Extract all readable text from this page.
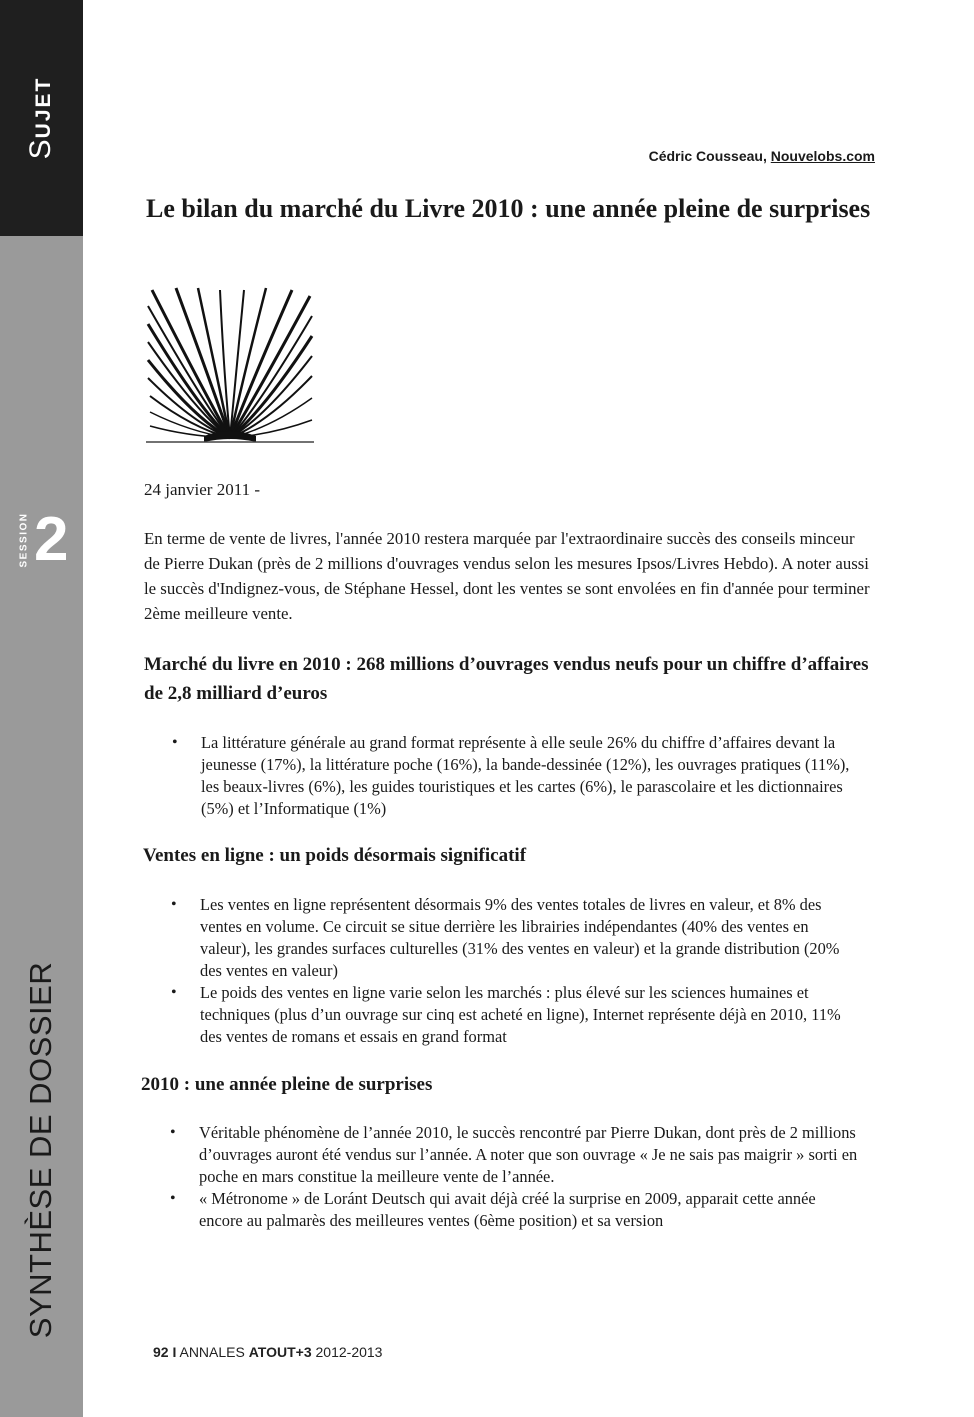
SUJET
SESSION 2
SYNTHÈSE DE DOSSIER
Cédric Cousseau, Nouvelobs.com
Le bilan du marché du Livre 2010 : une année pleine de surprises
24 janvier 2011 -

En terme de vente de livres, l'année 2010 restera marquée par l'extraordinaire succès des conseils minceur de Pierre Dukan (près de 2 millions d'ouvrages vendus selon les mesures Ipsos/Livres Hebdo). A noter aussi le succès d'Indignez-vous, de Stéphane Hessel, dont les ventes se sont envolées en fin d'année pour terminer 2ème meilleure vente.

Marché du livre en 2010 : 268 millions d’ouvrages vendus neufs pour un chiffre d’affaires de 2,8 milliard d’euros
• La littérature générale au grand format représente à elle seule 26% du chiffre d’affaires devant la jeunesse (17%), la littérature poche (16%), la bande-dessinée (12%), les ouvrages pratiques (11%), les beaux-livres (6%), les guides touristiques et les cartes (6%), le parascolaire et les dictionnaires (5%) et l’Informatique (1%)
Ventes en ligne : un poids désormais significatif
• Les ventes en ligne représentent désormais 9% des ventes totales de livres en valeur, et 8% des ventes en volume. Ce circuit se situe derrière les librairies indépendantes (40% des ventes en valeur), les grandes surfaces culturelles (31% des ventes en valeur) et la grande distribution (20% des ventes en valeur)
• Le poids des ventes en ligne varie selon les marchés : plus élevé sur les sciences humaines et techniques (plus d’un ouvrage sur cinq est acheté en ligne), Internet représente déjà en 2010, 11% des ventes de romans et essais en grand format
2010 : une année pleine de surprises
• Véritable phénomène de l’année 2010, le succès rencontré par Pierre Dukan, dont près de 2 millions d’ouvrages auront été vendus sur l’année. A noter que son ouvrage « Je ne sais pas maigrir » sorti en poche en mars constitue la meilleure vente de l’année.
• « Métronome » de Loránt Deutsch qui avait déjà créé la surprise en 2009, apparait cette année encore au palmarès des meilleures ventes (6ème position) et sa version
92 I ANNALES ATOUT+3 2012-2013
